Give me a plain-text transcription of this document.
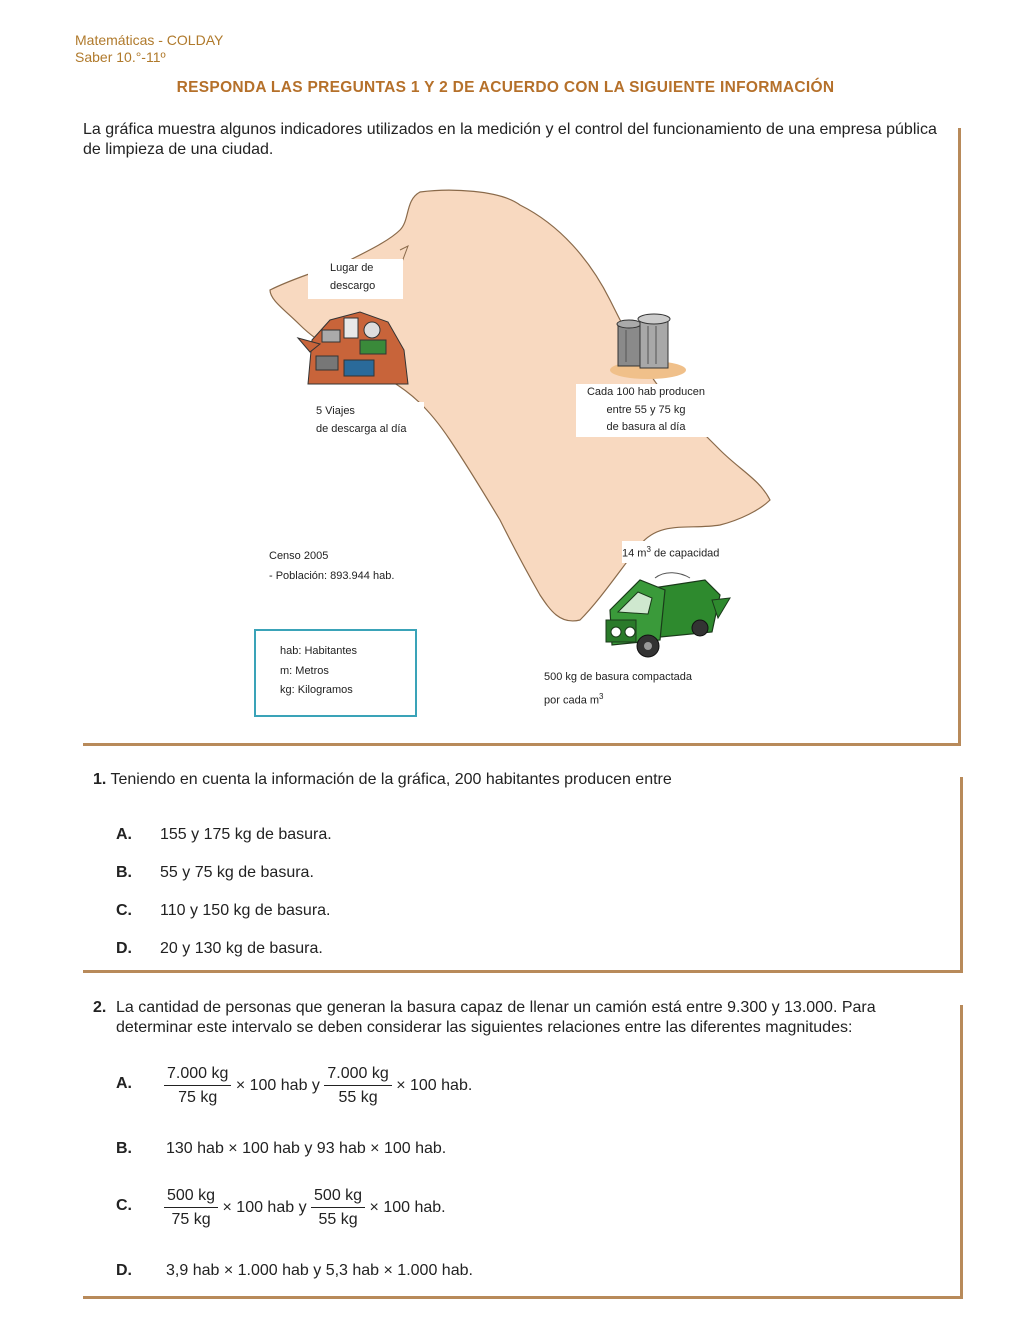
Matemáticas - COLDAY
Saber 10.°-11º
RESPONDA LAS PREGUNTAS 1 Y 2 DE ACUERDO CON LA SIGUIENTE INFORMACIÓN
La gráfica muestra algunos indicadores utilizados en la medición y el control del funcionamiento de una empresa pública de limpieza de una ciudad.
Lugar de
descargo
5 Viajes
de descarga al día
Cada 100 hab producen
entre 55 y 75 kg
de basura al día
Censo 2005
- Población: 893.944 hab.
14 $m^3$ de capacidad
500 kg de basura compactada
por cada $m^3$
hab: Habitantes
m: Metros
kg: Kilogramos
1. Teniendo en cuenta la información de la gráfica, 200 habitantes producen entre
A. 155 y 175 kg de basura.
B. 55 y 75 kg de basura.
C. 110 y 150 kg de basura.
D. 20 y 130 kg de basura.
2. La cantidad de personas que generan la basura capaz de llenar un camión está entre 9.300 y 13.000. Para determinar este intervalo se deben considerar las siguientes relaciones entre las diferentes magnitudes:
A. $\frac{7.000 kg}{75 kg} \times 100$ hab y $\frac{7.000 kg}{55 kg} \times 100$ hab.
B. 130 hab × 100 hab y 93 hab × 100 hab.
C. $\frac{500 kg}{75 kg} \times 100$ hab y $\frac{500 kg}{55 kg} \times 100$ hab.
D. 3,9 hab × 1.000 hab y 5,3 hab × 1.000 hab.
